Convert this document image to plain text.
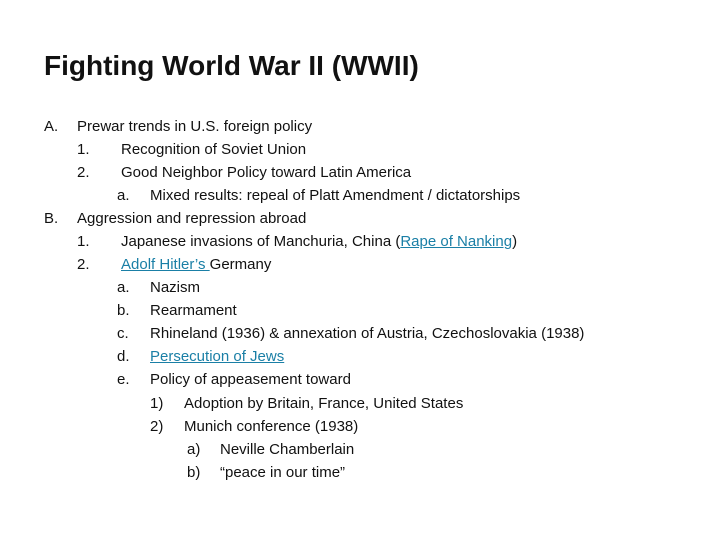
Fighting World War II (WWII)
A. Prewar trends in U.S. foreign policy
1. Recognition of Soviet Union
2. Good Neighbor Policy toward Latin America
a. Mixed results: repeal of Platt Amendment / dictatorships
B. Aggression and repression abroad
1. Japanese invasions of Manchuria, China (Rape of Nanking)
2. Adolf Hitler’s Germany
a. Nazism
b. Rearmament
c. Rhineland (1936) & annexation of Austria, Czechoslovakia (1938)
d. Persecution of Jews
e. Policy of appeasement toward
1) Adoption by Britain, France, United States
2) Munich conference (1938)
a) Neville Chamberlain
b) “peace in our time”
